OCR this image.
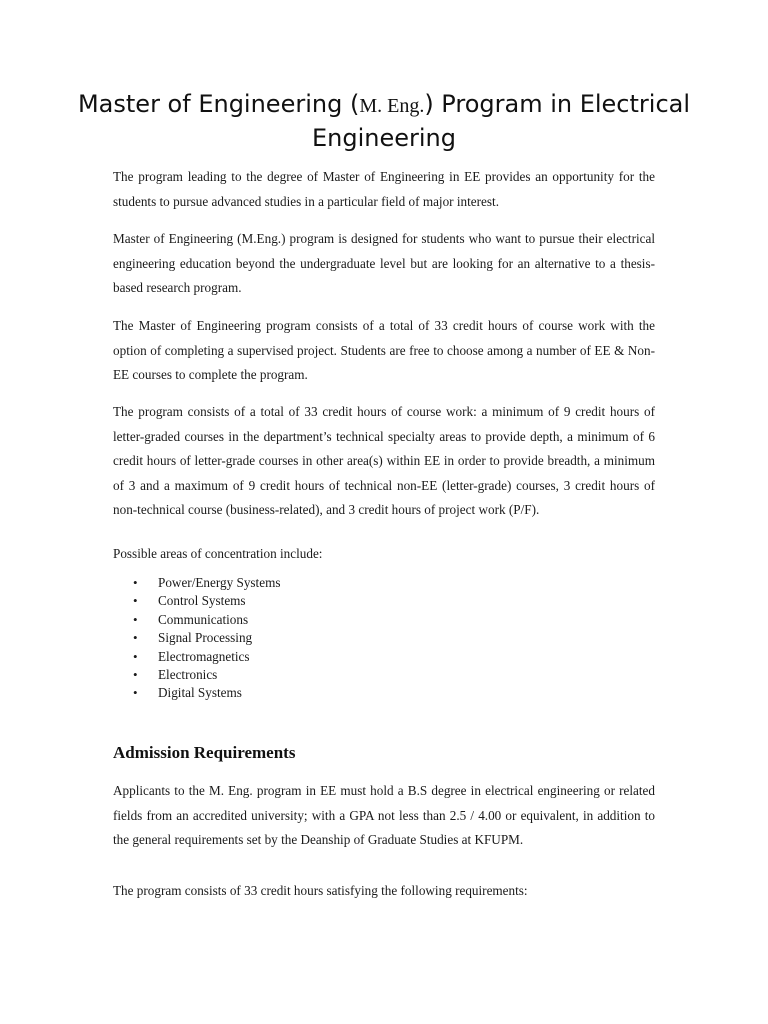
Master of Engineering (M. Eng.) Program in Electrical Engineering

The program leading to the degree of Master of Engineering in EE provides an opportunity for the students to pursue advanced studies in a particular field of major interest.

Master of Engineering (M.Eng.) program is designed for students who want to pursue their electrical engineering education beyond the undergraduate level but are looking for an alternative to a thesis-based research program.

The Master of Engineering program consists of a total of 33 credit hours of course work with the option of completing a supervised project. Students are free to choose among a number of EE & Non-EE courses to complete the program.

The program consists of a total of 33 credit hours of course work: a minimum of 9 credit hours of letter-graded courses in the department’s technical specialty areas to provide depth, a minimum of 6 credit hours of letter-grade courses in other area(s) within EE in order to provide breadth, a minimum of 3 and a maximum of 9 credit hours of technical non-EE (letter-grade) courses, 3 credit hours of non-technical course (business-related), and 3 credit hours of project work (P/F).

Possible areas of concentration include:

• Power/Energy Systems
• Control Systems
• Communications
• Signal Processing
• Electromagnetics
• Electronics
• Digital Systems
Admission Requirements

Applicants to the M. Eng. program in EE must hold a B.S degree in electrical engineering or related fields from an accredited university; with a GPA not less than 2.5 / 4.00 or equivalent, in addition to the general requirements set by the Deanship of Graduate Studies at KFUPM.

The program consists of 33 credit hours satisfying the following requirements:
